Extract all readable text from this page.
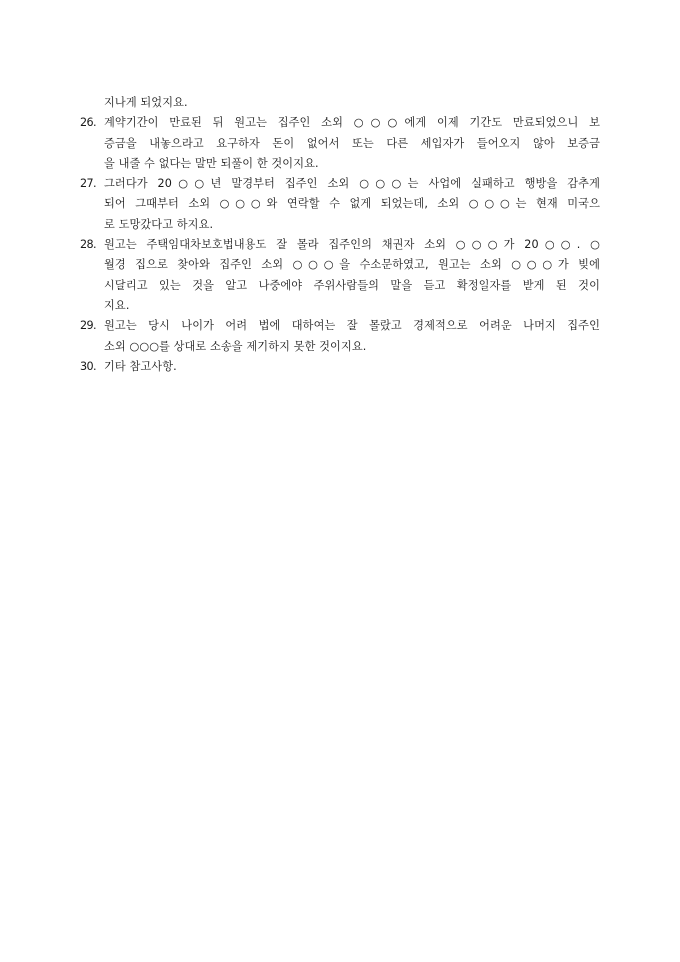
지나게 되었지요.
26. 계약기간이 만료된 뒤 원고는 집주인 소외 ○○○에게 이제 기간도 만료되었으니 보
증금을 내놓으라고 요구하자 돈이 없어서 또는 다른 세입자가 들어오지 않아 보증금
을 내줄 수 없다는 말만 되풀이 한 것이지요.
27. 그러다가 20○○년 말경부터 집주인 소외 ○○○는 사업에 실패하고 행방을 감추게
되어 그때부터 소외 ○○○와 연락할 수 없게 되었는데, 소외 ○○○는 현재 미국으
로 도망갔다고 하지요.
28. 원고는 주택임대차보호법내용도 잘 몰라 집주인의 채권자 소외 ○○○가 20○○. ○
월경 집으로 찾아와 집주인 소외 ○○○을 수소문하였고, 원고는 소외 ○○○가 빚에
시달리고 있는 것을 알고 나중에야 주위사람들의 말을 듣고 확정일자를 받게 된 것이
지요.
29. 원고는 당시 나이가 어려 법에 대하여는 잘 몰랐고 경제적으로 어려운 나머지 집주인
소외 ○○○를 상대로 소송을 제기하지 못한 것이지요.
30. 기타 참고사항.
